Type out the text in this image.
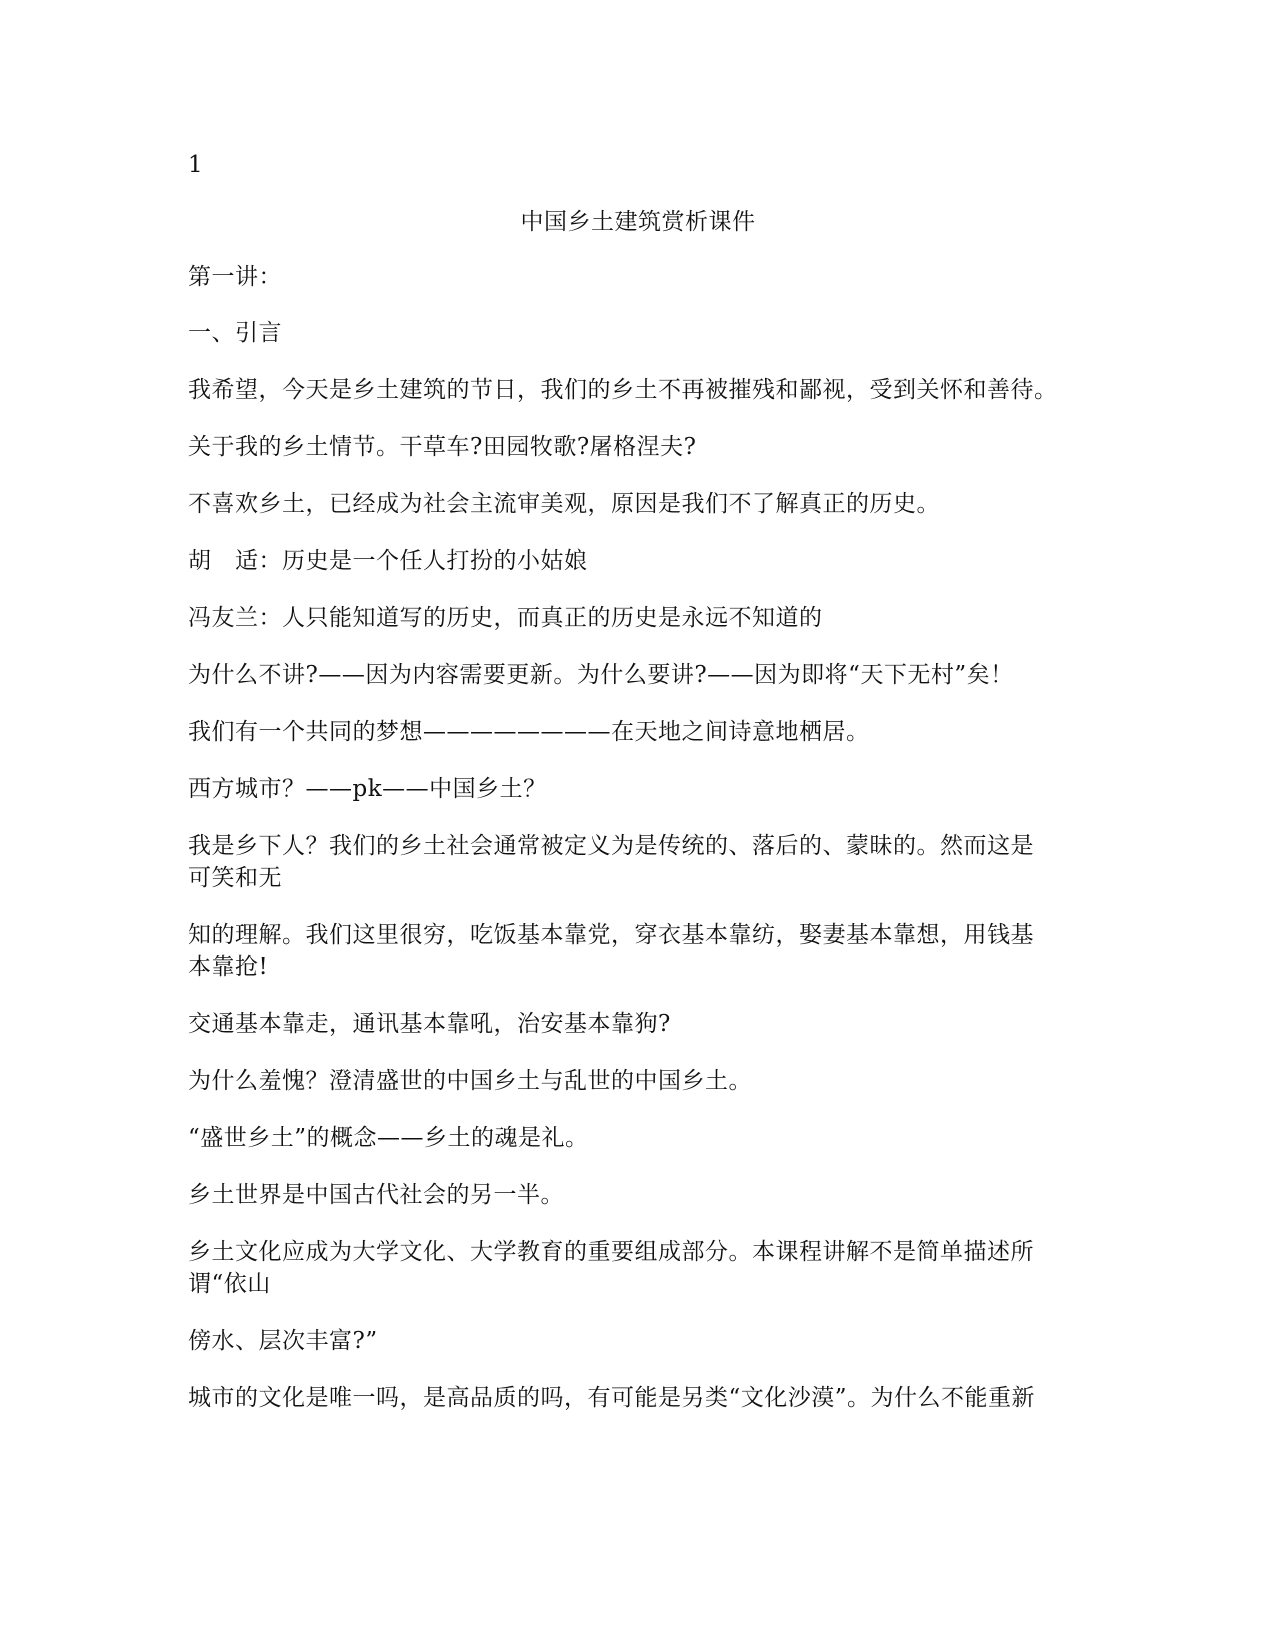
1
中国乡土建筑赏析课件
第一讲：
一、引言
我希望，今天是乡土建筑的节日，我们的乡土不再被摧残和鄙视，受到关怀和善待。
关于我的乡土情节。干草车?田园牧歌?屠格涅夫?
不喜欢乡土，已经成为社会主流审美观，原因是我们不了解真正的历史。
胡　适：历史是一个任人打扮的小姑娘
冯友兰：人只能知道写的历史，而真正的历史是永远不知道的
为什么不讲?——因为内容需要更新。为什么要讲?——因为即将“天下无村”矣！
我们有一个共同的梦想————————在天地之间诗意地栖居。
西方城市？——pk——中国乡土？
我是乡下人？我们的乡土社会通常被定义为是传统的、落后的、蒙昧的。然而这是
可笑和无
知的理解。我们这里很穷，吃饭基本靠党，穿衣基本靠纺，娶妻基本靠想，用钱基
本靠抢!
交通基本靠走，通讯基本靠吼，治安基本靠狗?
为什么羞愧？澄清盛世的中国乡土与乱世的中国乡土。
“盛世乡土”的概念——乡土的魂是礼。
乡土世界是中国古代社会的另一半。
乡土文化应成为大学文化、大学教育的重要组成部分。本课程讲解不是简单描述所
谓“依山
傍水、层次丰富?”
城市的文化是唯一吗，是高品质的吗，有可能是另类“文化沙漠”。为什么不能重新
